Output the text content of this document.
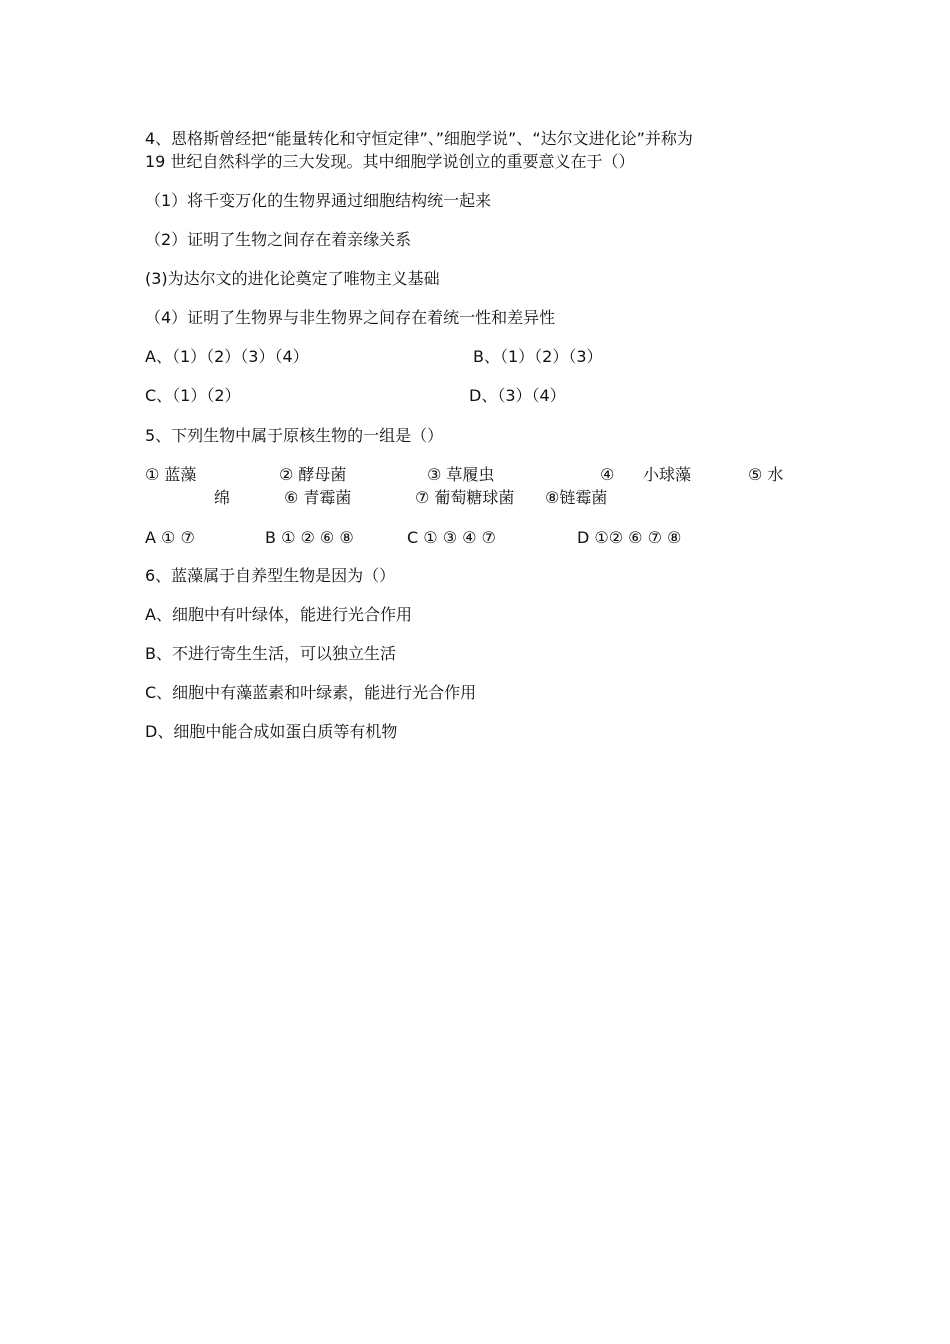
4、恩格斯曾经把“能量转化和守恒定律”、”细胞学说”、“达尔文进化论”并称为
19 世纪自然科学的三大发现。其中细胞学说创立的重要意义在于（）
（1）将千变万化的生物界通过细胞结构统一起来
（2）证明了生物之间存在着亲缘关系
(3)为达尔文的进化论奠定了唯物主义基础
（4）证明了生物界与非生物界之间存在着统一性和差异性
A、（1）（2）（3）（4）	B、（1）（2）（3）
C、（1）（2）	D、（3）（4）
5、下列生物中属于原核生物的一组是（）
① 蓝藻	② 酵母菌	③ 草履虫	④ 小球藻	⑤ 水
绵	⑥ 青霉菌	⑦ 葡萄糖球菌 ⑧链霉菌
A ① ⑦	B ① ② ⑥ ⑧	C ① ③ ④ ⑦	D ①② ⑥ ⑦ ⑧
6、蓝藻属于自养型生物是因为（）
A、细胞中有叶绿体，能进行光合作用
B、不进行寄生生活，可以独立生活
C、细胞中有藻蓝素和叶绿素，能进行光合作用
D、细胞中能合成如蛋白质等有机物
